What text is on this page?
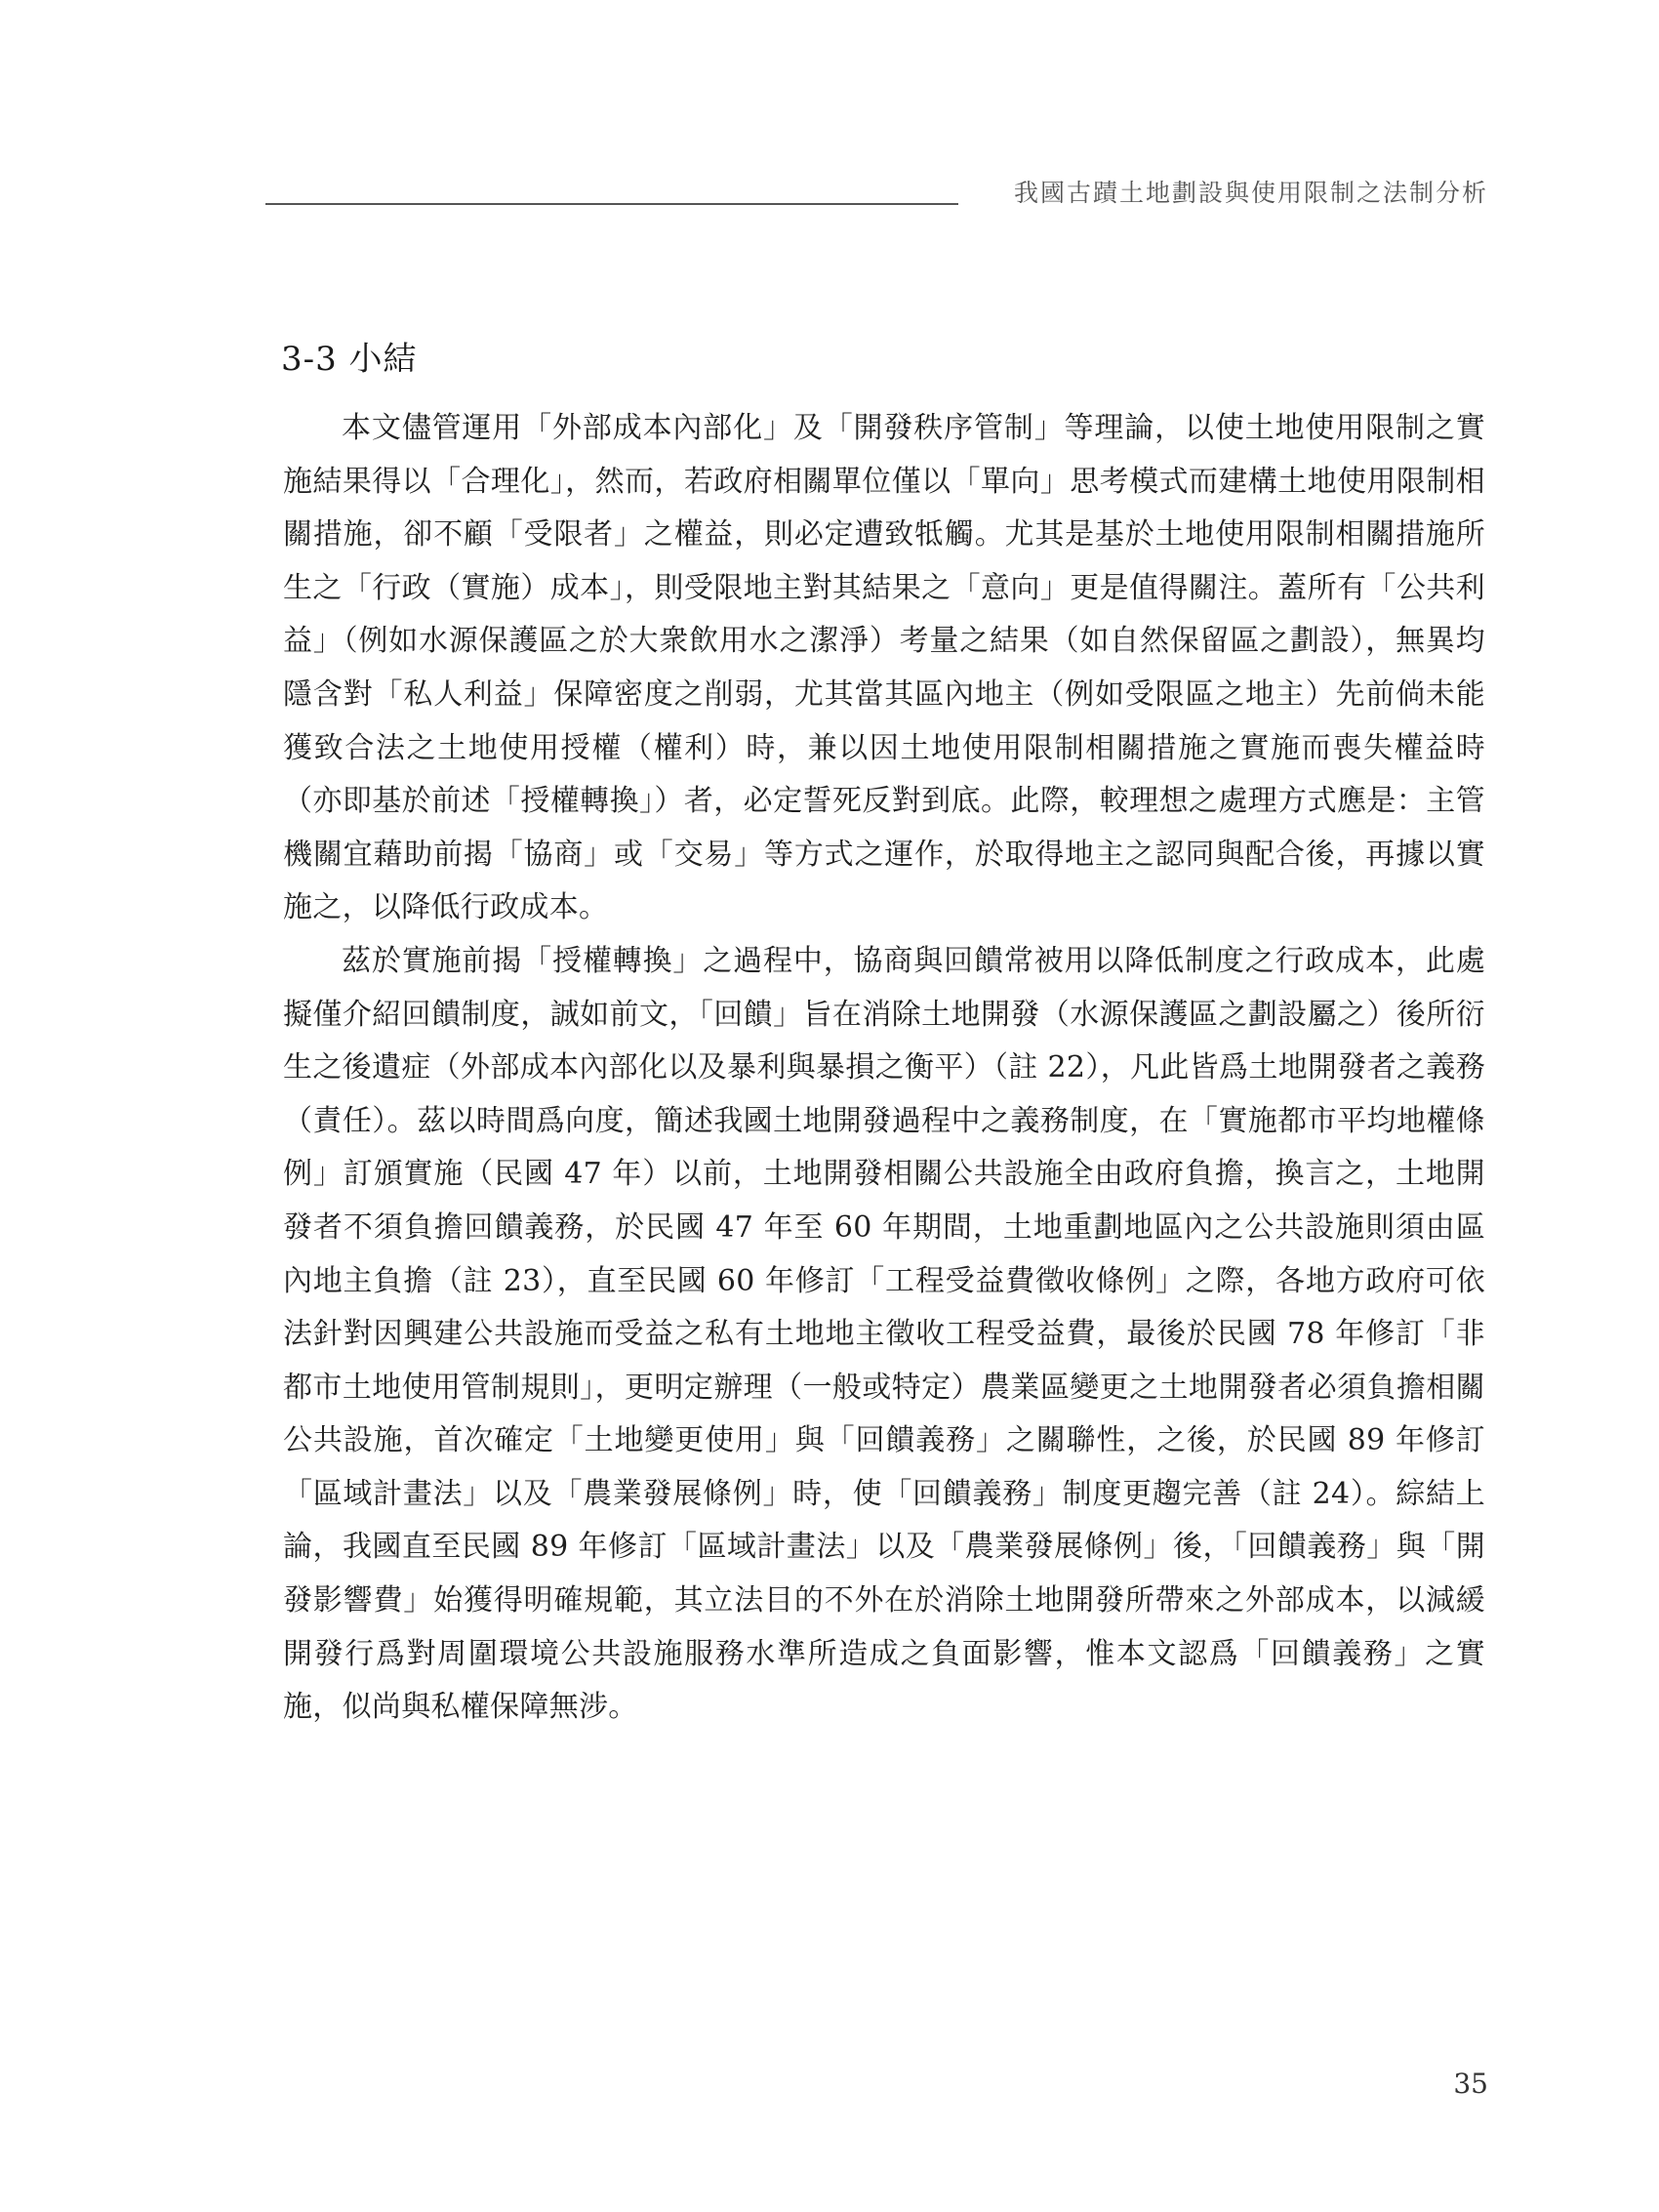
我國古蹟土地劃設與使用限制之法制分析
3-3 小結

本文儘管運用「外部成本內部化」及「開發秩序管制」等理論，以使土地使用限制之實施結果得以「合理化」，然而，若政府相關單位僅以「單向」思考模式而建構土地使用限制相關措施，卻不顧「受限者」之權益，則必定遭致牴觸。尤其是基於土地使用限制相關措施所生之「行政（實施）成本」，則受限地主對其結果之「意向」更是值得關注。蓋所有「公共利益」（例如水源保護區之於大衆飲用水之潔淨）考量之結果（如自然保留區之劃設），無異均隱含對「私人利益」保障密度之削弱，尤其當其區內地主（例如受限區之地主）先前倘未能獲致合法之土地使用授權（權利）時，兼以因土地使用限制相關措施之實施而喪失權益時（亦即基於前述「授權轉換」）者，必定誓死反對到底。此際，較理想之處理方式應是：主管機關宜藉助前揭「協商」或「交易」等方式之運作，於取得地主之認同與配合後，再據以實施之，以降低行政成本。

茲於實施前揭「授權轉換」之過程中，協商與回饋常被用以降低制度之行政成本，此處擬僅介紹回饋制度，誠如前文，「回饋」旨在消除土地開發（水源保護區之劃設屬之）後所衍生之後遺症（外部成本內部化以及暴利與暴損之衡平）（註 22），凡此皆爲土地開發者之義務（責任）。茲以時間爲向度，簡述我國土地開發過程中之義務制度，在「實施都市平均地權條例」訂頒實施（民國 47 年）以前，土地開發相關公共設施全由政府負擔，換言之，土地開發者不須負擔回饋義務，於民國 47 年至 60 年期間，土地重劃地區內之公共設施則須由區內地主負擔（註 23），直至民國 60 年修訂「工程受益費徵收條例」之際，各地方政府可依法針對因興建公共設施而受益之私有土地地主徵收工程受益費，最後於民國 78 年修訂「非都市土地使用管制規則」，更明定辦理（一般或特定）農業區變更之土地開發者必須負擔相關公共設施，首次確定「土地變更使用」與「回饋義務」之關聯性，之後，於民國 89 年修訂「區域計畫法」以及「農業發展條例」時，使「回饋義務」制度更趨完善（註 24）。綜結上論，我國直至民國 89 年修訂「區域計畫法」以及「農業發展條例」後，「回饋義務」與「開發影響費」始獲得明確規範，其立法目的不外在於消除土地開發所帶來之外部成本，以減緩開發行爲對周圍環境公共設施服務水準所造成之負面影響，惟本文認爲「回饋義務」之實施，似尚與私權保障無涉。

35
